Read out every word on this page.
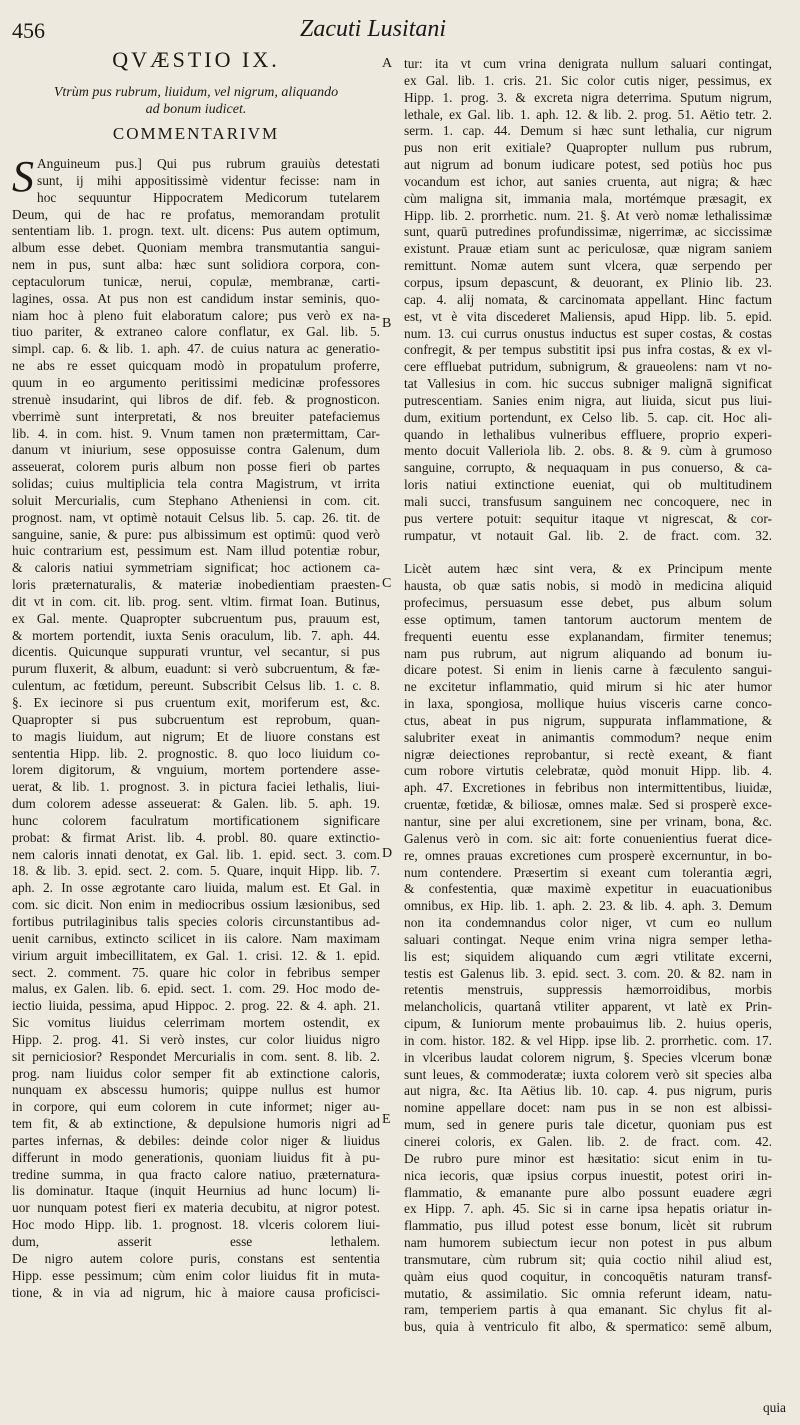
456	Zacuti Lusitani
QVÆSTIO IX.
Vtrùm pus rubrum, liuidum, vel nigrum, aliquando
ad bonum iudicet.
COMMENTARIVM
S Anguineum pus.] Qui pus rubrum grauiùs detestati
sunt, ij mihi appositissimè videntur fecisse: nam in
hoc sequuntur Hippocratem Medicorum tutelarem
Deum, qui de hac re profatus, memorandam protulit
sententiam lib. 1. progn. text. ult. dicens: Pus autem optimum,
album esse debet. Quoniam membra transmutantia sangui-
nem in pus, sunt alba: hæc sunt solidiora corpora, con-
ceptaculorum tunicæ, nerui, copulæ, membranæ, carti-
lagines, ossa. At pus non est candidum instar seminis, quo-
niam hoc à pleno fuit elaboratum calore; pus verò ex na-
tiuo pariter, & extraneo calore conflatur, ex Gal. lib. 5.
simpl. cap. 6. & lib. 1. aph. 47. de cuius natura ac generatio-
ne abs re esset quicquam modò in propatulum proferre,
quum in eo argumento peritissimi medicinæ professores
strenuè insudarint, qui libros de dif. feb. & prognosticon.
vberrimè sunt interpretati, & nos breuiter patefaciemus
lib. 4. in com. hist. 9. Vnum tamen non prætermittam, Car-
danum vt iniurium, sese opposuisse contra Galenum, dum
asseuerat, colorem puris album non posse fieri ob partes
solidas; cuius multiplicia tela contra Magistrum, vt irrita
soluit Mercurialis, cum Stephano Atheniensi in com. cit.
prognost. nam, vt optimè notauit Celsus lib. 5. cap. 26. tit. de
sanguine, sanie, & pure: pus albissimum est optimū: quod verò
huic contrarium est, pessimum est. Nam illud potentiæ robur,
& caloris natiui symmetriam significat; hoc actionem ca-
loris præternaturalis, & materiæ inobedientiam praesten-
dit vt in com. cit. lib. prog. sent. vltim. firmat Ioan. Butinus,
ex Gal. mente. Quapropter subcruentum pus, prauum est,
& mortem portendit, iuxta Senis oraculum, lib. 7. aph. 44.
dicentis. Quicunque suppurati vruntur, vel secantur, si pus
purum fluxerit, & album, euadunt: si verò subcruentum, & fæ-
culentum, ac fœtidum, pereunt. Subscribit Celsus lib. 1. c. 8.
§. Ex iecinore si pus cruentum exit, moriferum est, &c.
Quapropter si pus subcruentum est reprobum, quan-
to magis liuidum, aut nigrum; Et de liuore constans est
sententia Hipp. lib. 2. prognostic. 8. quo loco liuidum co-
lorem digitorum, & vnguium, mortem portendere asse-
uerat, & lib. 1. prognost. 3. in pictura faciei lethalis, liui-
dum colorem adesse asseuerat: & Galen. lib. 5. aph. 19.
hunc colorem faculratum mortificationem significare
probat: & firmat Arist. lib. 4. probl. 80. quare extinctio-
nem caloris innati denotat, ex Gal. lib. 1. epid. sect. 3. com.
18. & lib. 3. epid. sect. 2. com. 5. Quare, inquit Hipp. lib. 7.
aph. 2. In osse ægrotante caro liuida, malum est. Et Gal. in
com. sic dicit. Non enim in mediocribus ossium læsionibus, sed
fortibus putrilaginibus talis species coloris circunstantibus ad-
uenit carnibus, extincto scilicet in iis calore. Nam maximam
virium arguit imbecillitatem, ex Gal. 1. crisi. 12. & 1. epid.
sect. 2. comment. 75. quare hic color in febribus semper
malus, ex Galen. lib. 6. epid. sect. 1. com. 29. Hoc modo de-
iectio liuida, pessima, apud Hippoc. 2. prog. 22. & 4. aph. 21.
Sic vomitus liuidus celerrimam mortem ostendit, ex
Hipp. 2. prog. 41. Si verò instes, cur color liuidus nigro
sit perniciosior? Respondet Mercurialis in com. sent. 8. lib. 2.
prog. nam liuidus color semper fit ab extinctione caloris,
nunquam ex abscessu humoris; quippe nullus est humor
in corpore, qui eum colorem in cute informet; niger au-
tem fit, & ab extinctione, & depulsione humoris nigri ad
partes infernas, & debiles: deinde color niger & liuidus
differunt in modo generationis, quoniam liuidus fit à pu-
tredine summa, in qua fracto calore natiuo, præternatura-
lis dominatur. Itaque (inquit Heurnius ad hunc locum) li-
uor nunquam potest fieri ex materia decubitu, at nigror potest.
Hoc modo Hipp. lib. 1. prognost. 18. vlceris colorem liui-
dum, asserit esse lethalem.
De nigro autem colore puris, constans est sententia
Hipp. esse pessimum; cùm enim color liuidus fit in muta-
tione, & in via ad nigrum, hic à maiore causa proficisci-
A
B
C
D
E
tur: ita vt cum vrina denigrata nullum saluari contingat,
ex Gal. lib. 1. cris. 21. Sic color cutis niger, pessimus, ex
Hipp. 1. prog. 3. & excreta nigra deterrima. Sputum nigrum,
lethale, ex Gal. lib. 1. aph. 12. & lib. 2. prog. 51. Aëtio tetr. 2.
serm. 1. cap. 44. Demum si hæc sunt lethalia, cur nigrum
pus non erit exitiale? Quapropter nullum pus rubrum,
aut nigrum ad bonum iudicare potest, sed potiùs hoc pus
vocandum est ichor, aut sanies cruenta, aut nigra; & hæc
cùm maligna sit, immania mala, mortémque præsagit, ex
Hipp. lib. 2. prorrhetic. num. 21. §. At verò nomæ lethalissimæ
sunt, quarū putredines profundissimæ, nigerrimæ, ac siccissimæ
existunt. Prauæ etiam sunt ac periculosæ, quæ nigram saniem
remittunt. Nomæ autem sunt vlcera, quæ serpendo per
corpus, ipsum depascunt, & deuorant, ex Plinio lib. 23.
cap. 4. alij nomata, & carcinomata appellant. Hinc factum
est, vt è vita discederet Maliensis, apud Hipp. lib. 5. epid.
num. 13. cui currus onustus inductus est super costas, & costas
confregit, & per tempus substitit ipsi pus infra costas, & ex vl-
cere effluebat putridum, subnigrum, & graueolens: nam vt no-
tat Vallesius in com. hic succus subniger malignā significat
putrescentiam. Sanies enim nigra, aut liuida, sicut pus liui-
dum, exitium portendunt, ex Celso lib. 5. cap. cit. Hoc ali-
quando in lethalibus vulneribus effluere, proprio experi-
mento docuit Valleriola lib. 2. obs. 8. & 9. cùm à grumoso
sanguine, corrupto, & nequaquam in pus conuerso, & ca-
loris natiui extinctione eueniat, qui ob multitudinem
mali succi, transfusum sanguinem nec concoquere, nec in
pus vertere potuit: sequitur itaque vt nigrescat, & cor-
rumpatur, vt notauit Gal. lib. 2. de fract. com. 32.
Licèt autem hæc sint vera, & ex Principum mente
hausta, ob quæ satis nobis, si modò in medicina aliquid
profecimus, persuasum esse debet, pus album solum
esse optimum, tamen tantorum auctorum mentem de
frequenti euentu esse explanandam, firmiter tenemus;
nam pus rubrum, aut nigrum aliquando ad bonum iu-
dicare potest. Si enim in lienis carne à fæculento sangui-
ne excitetur inflammatio, quid mirum si hic ater humor
in laxa, spongiosa, mollique huius visceris carne conco-
ctus, abeat in pus nigrum, suppurata inflammatione, &
salubriter exeat in animantis commodum? neque enim
nigræ deiectiones reprobantur, si rectè exeant, & fiant
cum robore virtutis celebratæ, quòd monuit Hipp. lib. 4.
aph. 47. Excretiones in febribus non intermittentibus, liuidæ,
cruentæ, fœtidæ, & biliosæ, omnes malæ. Sed si prosperè exce-
nantur, sine per alui excretionem, sine per vrinam, bona, &c.
Galenus verò in com. sic ait: forte conuenientius fuerat dice-
re, omnes prauas excretiones cum prosperè excernuntur, in bo-
num contendere. Præsertim si exeant cum tolerantia ægri,
& confestentia, quæ maximè expetitur in euacuationibus
omnibus, ex Hip. lib. 1. aph. 2. 23. & lib. 4. aph. 3. Demum
non ita condemnandus color niger, vt cum eo nullum
saluari contingat. Neque enim vrina nigra semper letha-
lis est; siquidem aliquando cum ægri vtilitate excerni,
testis est Galenus lib. 3. epid. sect. 3. com. 20. & 82. nam in
retentis menstruis, suppressis hæmorroidibus, morbis
melancholicis, quartanâ vtiliter apparent, vt latè ex Prin-
cipum, & Iuniorum mente probauimus lib. 2. huius operis,
in com. histor. 182. & vel Hipp. ipse lib. 2. prorrhetic. com. 17.
in vlceribus laudat colorem nigrum, §. Species vlcerum bonæ
sunt leues, & commoderatæ; iuxta colorem verò sit species alba
aut nigra, &c. Ita Aëtius lib. 10. cap. 4. pus nigrum, puris
nomine appellare docet: nam pus in se non est albissi-
mum, sed in genere puris tale dicetur, quoniam pus est
cinerei coloris, ex Galen. lib. 2. de fract. com. 42.
De rubro pure minor est hæsitatio: sicut enim in tu-
nica iecoris, quæ ipsius corpus inuestit, potest oriri in-
flammatio, & emanante pure albo possunt euadere ægri
ex Hipp. 7. aph. 45. Sic si in carne ipsa hepatis oriatur in-
flammatio, pus illud potest esse bonum, licèt sit rubrum
nam humorem subiectum iecur non potest in pus album
transmutare, cùm rubrum sit; quia coctio nihil aliud est,
quàm eius quod coquitur, in concoquētis naturam transf-
mutatio, & assimilatio. Sic omnia referunt ideam, natu-
ram, temperiem partis à qua emanant. Sic chylus fit al-
bus, quia à ventriculo fit albo, & spermatico: semē album,
quia
